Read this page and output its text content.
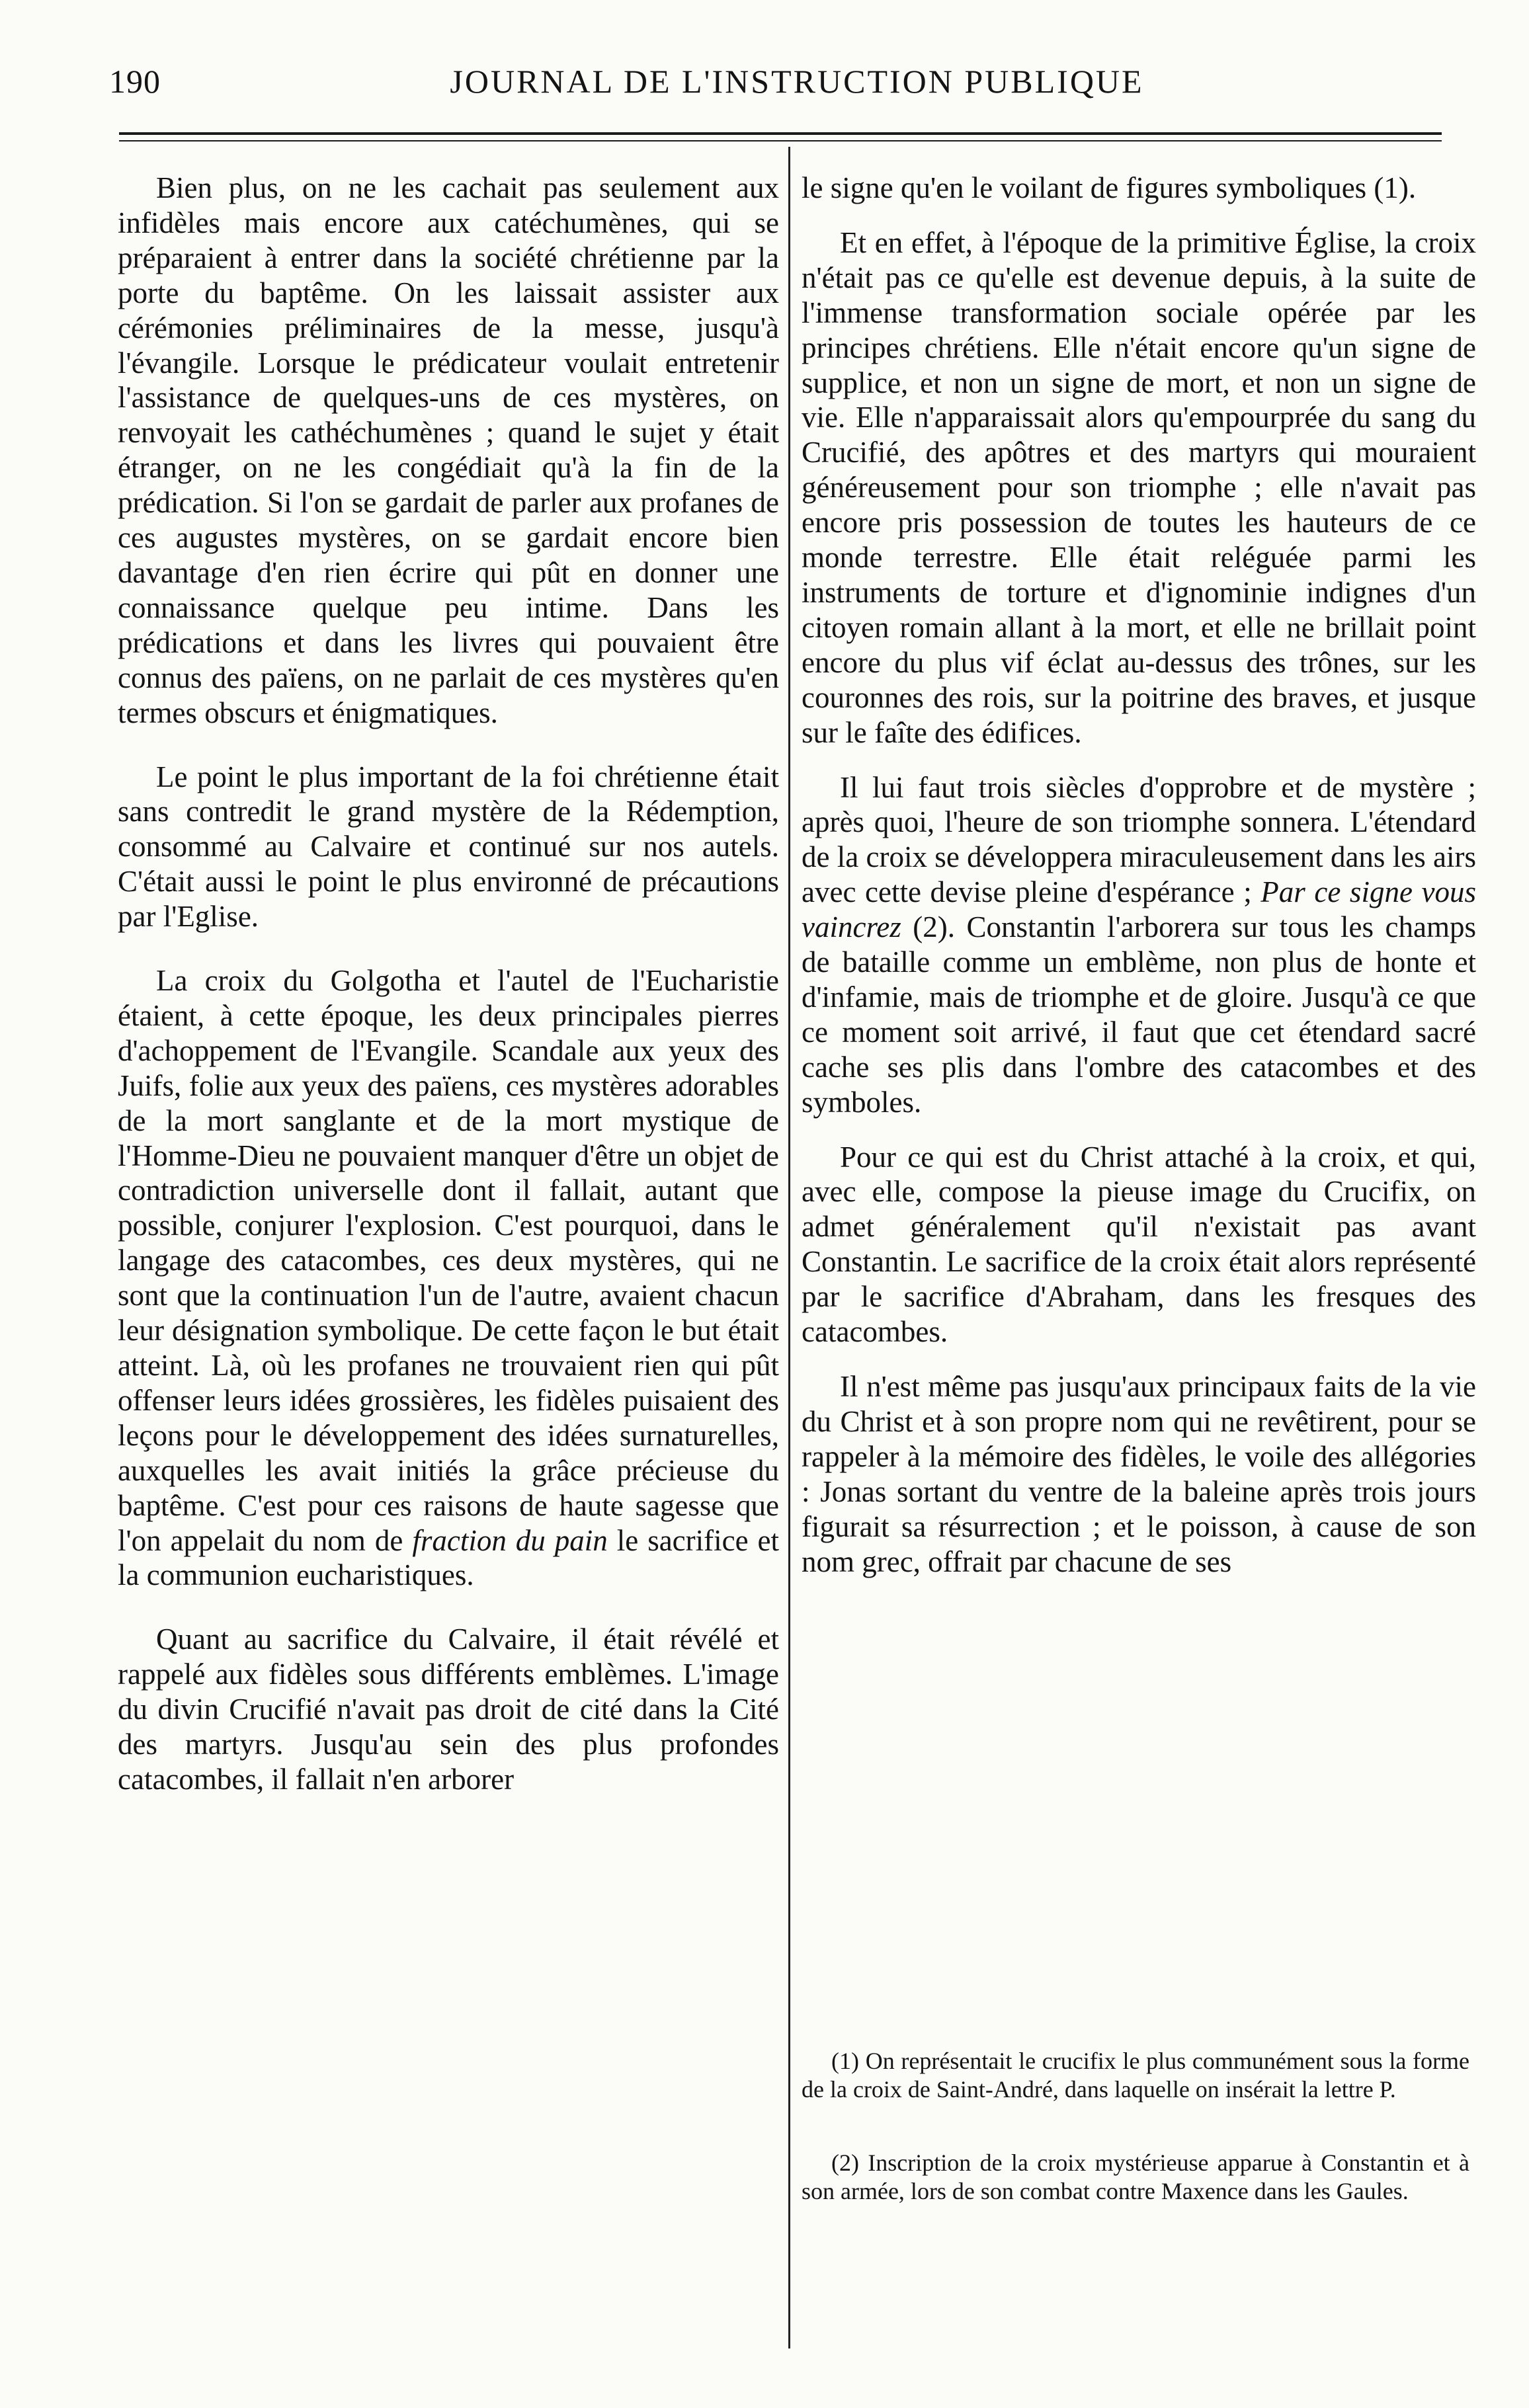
190	JOURNAL DE L'INSTRUCTION PUBLIQUE

Bien plus, on ne les cachait pas seulement aux infidèles mais encore aux catéchumènes, qui se préparaient à entrer dans la société chrétienne par la porte du baptême. On les laissait assister aux cérémonies préliminaires de la messe, jusqu'à l'évangile. Lorsque le prédicateur voulait entretenir l'assistance de quelques-uns de ces mystères, on renvoyait les cathéchumènes ; quand le sujet y était étranger, on ne les congédiait qu'à la fin de la prédication. Si l'on se gardait de parler aux profanes de ces augustes mystères, on se gardait encore bien davantage d'en rien écrire qui pût en donner une connaissance quelque peu intime. Dans les prédications et dans les livres qui pouvaient être connus des païens, on ne parlait de ces mystères qu'en termes obscurs et énigmatiques.

Le point le plus important de la foi chrétienne était sans contredit le grand mystère de la Rédemption, consommé au Calvaire et continué sur nos autels. C'était aussi le point le plus environné de précautions par l'Eglise.

La croix du Golgotha et l'autel de l'Eucharistie étaient, à cette époque, les deux principales pierres d'achoppement de l'Evangile. Scandale aux yeux des Juifs, folie aux yeux des païens, ces mystères adorables de la mort sanglante et de la mort mystique de l'Homme-Dieu ne pouvaient manquer d'être un objet de contradiction universelle dont il fallait, autant que possible, conjurer l'explosion. C'est pourquoi, dans le langage des catacombes, ces deux mystères, qui ne sont que la continuation l'un de l'autre, avaient chacun leur désignation symbolique. De cette façon le but était atteint. Là, où les profanes ne trouvaient rien qui pût offenser leurs idées grossières, les fidèles puisaient des leçons pour le développement des idées surnaturelles, auxquelles les avait initiés la grâce précieuse du baptême. C'est pour ces raisons de haute sagesse que l'on appelait du nom de fraction du pain le sacrifice et la communion eucharistiques.

Quant au sacrifice du Calvaire, il était révélé et rappelé aux fidèles sous différents emblèmes. L'image du divin Crucifié n'avait pas droit de cité dans la Cité des martyrs. Jusqu'au sein des plus profondes catacombes, il fallait n'en arborer

le signe qu'en le voilant de figures symboliques (1).

Et en effet, à l'époque de la primitive Église, la croix n'était pas ce qu'elle est devenue depuis, à la suite de l'immense transformation sociale opérée par les principes chrétiens. Elle n'était encore qu'un signe de supplice, et non un signe de mort, et non un signe de vie. Elle n'apparaissait alors qu'empourprée du sang du Crucifié, des apôtres et des martyrs qui mouraient généreusement pour son triomphe ; elle n'avait pas encore pris possession de toutes les hauteurs de ce monde terrestre. Elle était reléguée parmi les instruments de torture et d'ignominie indignes d'un citoyen romain allant à la mort, et elle ne brillait point encore du plus vif éclat au-dessus des trônes, sur les couronnes des rois, sur la poitrine des braves, et jusque sur le faîte des édifices.

Il lui faut trois siècles d'opprobre et de mystère ; après quoi, l'heure de son triomphe sonnera. L'étendard de la croix se développera miraculeusement dans les airs avec cette devise pleine d'espérance ; Par ce signe vous vaincrez (2). Constantin l'arborera sur tous les champs de bataille comme un emblème, non plus de honte et d'infamie, mais de triomphe et de gloire. Jusqu'à ce que ce moment soit arrivé, il faut que cet étendard sacré cache ses plis dans l'ombre des catacombes et des symboles.

Pour ce qui est du Christ attaché à la croix, et qui, avec elle, compose la pieuse image du Crucifix, on admet généralement qu'il n'existait pas avant Constantin. Le sacrifice de la croix était alors représenté par le sacrifice d'Abraham, dans les fresques des catacombes.

Il n'est même pas jusqu'aux principaux faits de la vie du Christ et à son propre nom qui ne revêtirent, pour se rappeler à la mémoire des fidèles, le voile des allégories : Jonas sortant du ventre de la baleine après trois jours figurait sa résurrection ; et le poisson, à cause de son nom grec, offrait par chacune de ses

(1) On représentait le crucifix le plus communément sous la forme de la croix de Saint-André, dans laquelle on insérait la lettre P.
(2) Inscription de la croix mystérieuse apparue à Constantin et à son armée, lors de son combat contre Maxence dans les Gaules.
